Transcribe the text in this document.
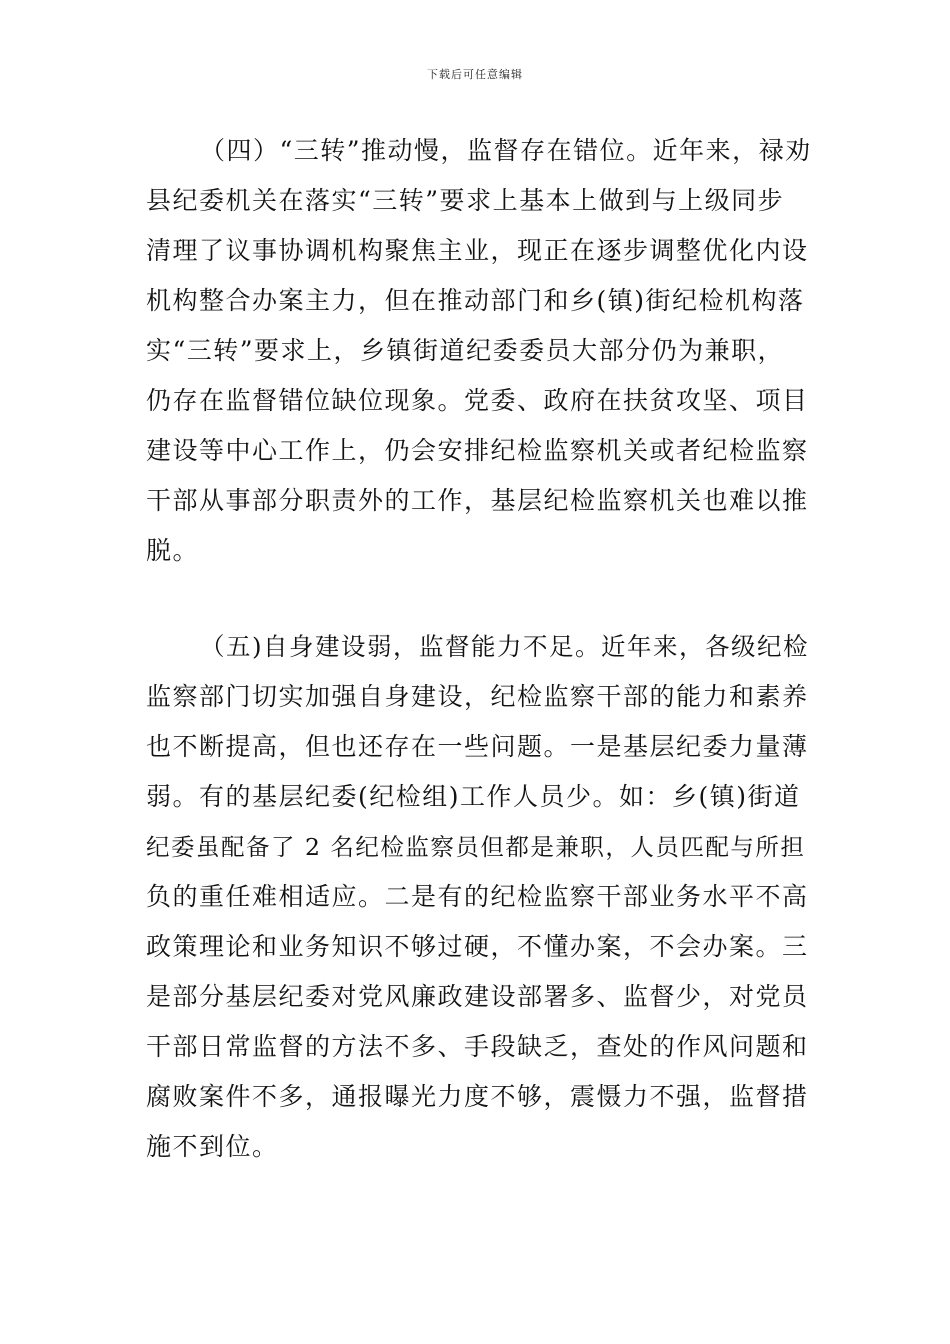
下载后可任意编辑
（四）“三转”推动慢，监督存在错位。近年来，禄劝
县纪委机关在落实“三转”要求上基本上做到与上级同步
清理了议事协调机构聚焦主业，现正在逐步调整优化内设
机构整合办案主力，但在推动部门和乡(镇)街纪检机构落
实“三转”要求上，乡镇街道纪委委员大部分仍为兼职，
仍存在监督错位缺位现象。党委、政府在扶贫攻坚、项目
建设等中心工作上，仍会安排纪检监察机关或者纪检监察
干部从事部分职责外的工作，基层纪检监察机关也难以推
脱。
（五)自身建设弱，监督能力不足。近年来，各级纪检
监察部门切实加强自身建设，纪检监察干部的能力和素养
也不断提高，但也还存在一些问题。一是基层纪委力量薄
弱。有的基层纪委(纪检组)工作人员少。如：乡(镇)街道
纪委虽配备了 2 名纪检监察员但都是兼职，人员匹配与所担
负的重任难相适应。二是有的纪检监察干部业务水平不高
政策理论和业务知识不够过硬，不懂办案，不会办案。三
是部分基层纪委对党风廉政建设部署多、监督少，对党员
干部日常监督的方法不多、手段缺乏，查处的作风问题和
腐败案件不多，通报曝光力度不够，震慑力不强，监督措
施不到位。
